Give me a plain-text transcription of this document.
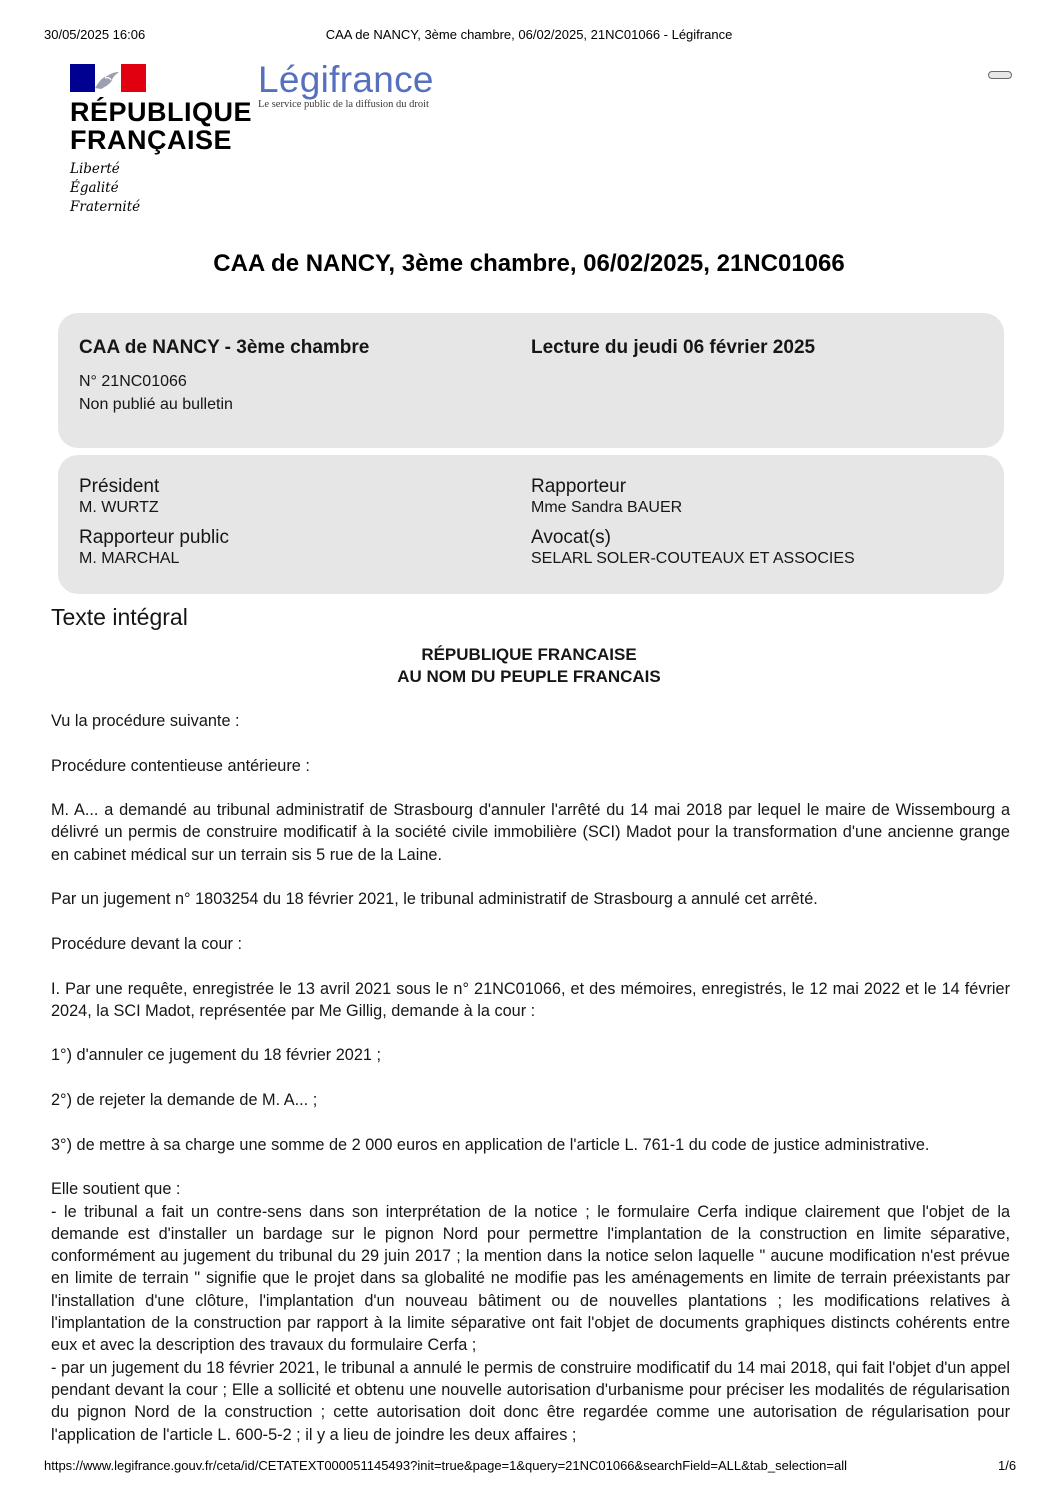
30/05/2025 16:06	CAA de NANCY, 3ème chambre, 06/02/2025, 21NC01066 - Légifrance
RÉPUBLIQUE
FRANÇAISE
Liberté
Égalité
Fraternité
Légifrance
Le service public de la diffusion du droit
CAA de NANCY, 3ème chambre, 06/02/2025, 21NC01066
CAA de NANCY - 3ème chambre
N° 21NC01066
Non publié au bulletin
Lecture du jeudi 06 février 2025
Président
M. WURTZ
Rapporteur
Mme Sandra BAUER
Rapporteur public
M. MARCHAL
Avocat(s)
SELARL SOLER-COUTEAUX ET ASSOCIES
Texte intégral
RÉPUBLIQUE FRANCAISE
AU NOM DU PEUPLE FRANCAIS

Vu la procédure suivante :

Procédure contentieuse antérieure :

M. A... a demandé au tribunal administratif de Strasbourg d'annuler l'arrêté du 14 mai 2018 par lequel le maire de Wissembourg a délivré un permis de construire modificatif à la société civile immobilière (SCI) Madot pour la transformation d'une ancienne grange en cabinet médical sur un terrain sis 5 rue de la Laine.

Par un jugement n° 1803254 du 18 février 2021, le tribunal administratif de Strasbourg a annulé cet arrêté.

Procédure devant la cour :

I. Par une requête, enregistrée le 13 avril 2021 sous le n° 21NC01066, et des mémoires, enregistrés, le 12 mai 2022 et le 14 février 2024, la SCI Madot, représentée par Me Gillig, demande à la cour :

1°) d'annuler ce jugement du 18 février 2021 ;

2°) de rejeter la demande de M. A... ;

3°) de mettre à sa charge une somme de 2 000 euros en application de l'article L. 761-1 du code de justice administrative.

Elle soutient que :

- le tribunal a fait un contre-sens dans son interprétation de la notice ; le formulaire Cerfa indique clairement que l'objet de la demande est d'installer un bardage sur le pignon Nord pour permettre l'implantation de la construction en limite séparative, conformément au jugement du tribunal du 29 juin 2017 ; la mention dans la notice selon laquelle " aucune modification n'est prévue en limite de terrain " signifie que le projet dans sa globalité ne modifie pas les aménagements en limite de terrain préexistants par l'installation d'une clôture, l'implantation d'un nouveau bâtiment ou de nouvelles plantations ; les modifications relatives à l'implantation de la construction par rapport à la limite séparative ont fait l'objet de documents graphiques distincts cohérents entre eux et avec la description des travaux du formulaire Cerfa ;

- par un jugement du 18 février 2021, le tribunal a annulé le permis de construire modificatif du 14 mai 2018, qui fait l'objet d'un appel pendant devant la cour ; Elle a sollicité et obtenu une nouvelle autorisation d'urbanisme pour préciser les modalités de régularisation du pignon Nord de la construction ; cette autorisation doit donc être regardée comme une autorisation de régularisation pour l'application de l'article L. 600-5-2 ; il y a lieu de joindre les deux affaires ;

https://www.legifrance.gouv.fr/ceta/id/CETATEXT000051145493?init=true&page=1&query=21NC01066&searchField=ALL&tab_selection=all	1/6
